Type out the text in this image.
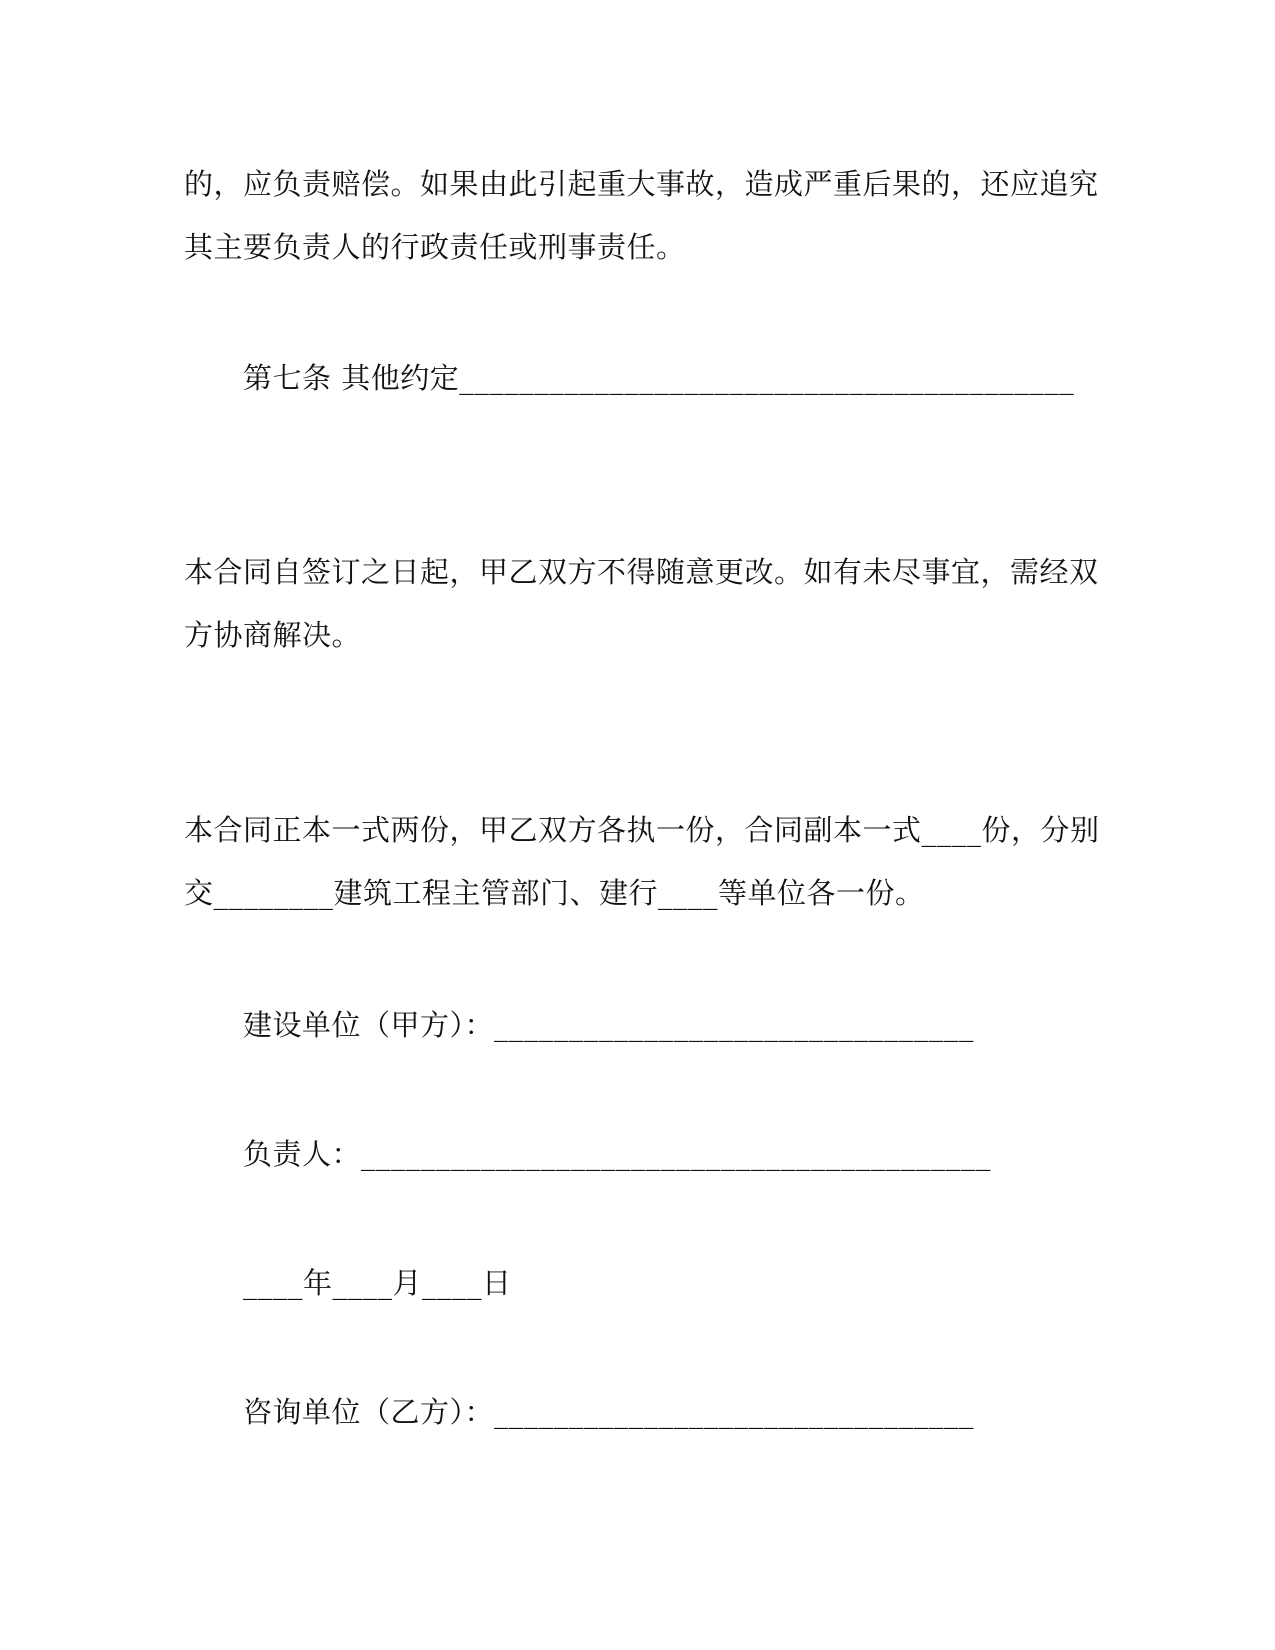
的，应负责赔偿。如果由此引起重大事故，造成严重后果的，还应追究
其主要负责人的行政责任或刑事责任。
第七条 其他约定_________________________________________
本合同自签订之日起，甲乙双方不得随意更改。如有未尽事宜，需经双
方协商解决。
本合同正本一式两份，甲乙双方各执一份，合同副本一式____份，分别
交________建筑工程主管部门、建行____等单位各一份。
建设单位（甲方）：________________________________
负责人：__________________________________________
____年____月____日
咨询单位（乙方）：________________________________
